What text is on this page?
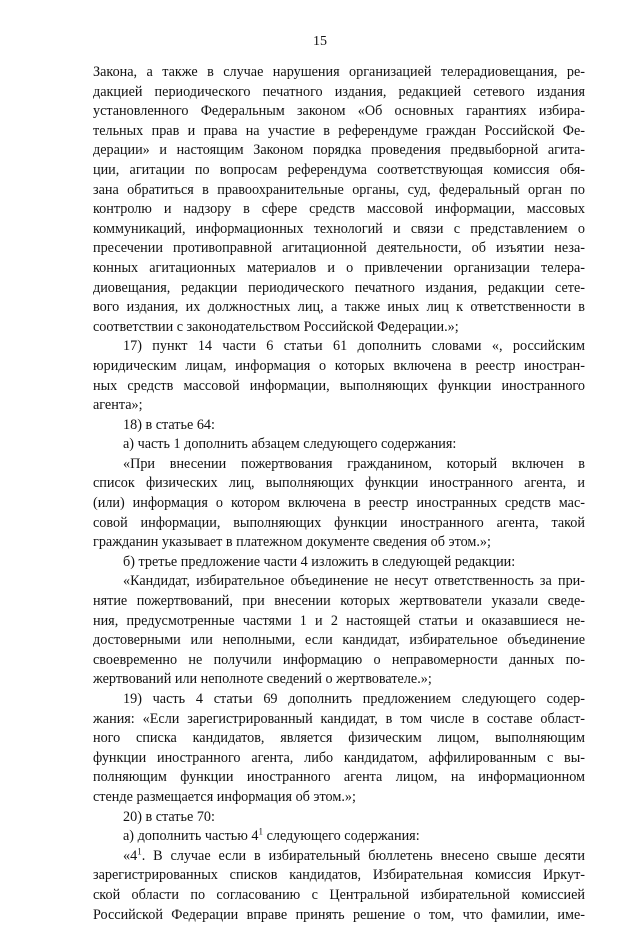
15

Закона, а также в случае нарушения организацией телерадиовещания, ре-
дакцией периодического печатного издания, редакцией сетевого издания
установленного Федеральным законом «Об основных гарантиях избира-
тельных прав и права на участие в референдуме граждан Российской Фе-
дерации» и настоящим Законом порядка проведения предвыборной агита-
ции, агитации по вопросам референдума соответствующая комиссия обя-
зана обратиться в правоохранительные органы, суд, федеральный орган по
контролю и надзору в сфере средств массовой информации, массовых
коммуникаций, информационных технологий и связи с представлением о
пресечении противоправной агитационной деятельности, об изъятии неза-
конных агитационных материалов и о привлечении организации телера-
диовещания, редакции периодического печатного издания, редакции сете-
вого издания, их должностных лиц, а также иных лиц к ответственности в
соответствии с законодательством Российской Федерации.»;

17) пункт 14 части 6 статьи 61 дополнить словами «, российским
юридическим лицам, информация о которых включена в реестр иностран-
ных средств массовой информации, выполняющих функции иностранного
агента»;

18) в статье 64:

а) часть 1 дополнить абзацем следующего содержания:

«При внесении пожертвования гражданином, который включен в
список физических лиц, выполняющих функции иностранного агента, и
(или) информация о котором включена в реестр иностранных средств мас-
совой информации, выполняющих функции иностранного агента, такой
гражданин указывает в платежном документе сведения об этом.»;

б) третье предложение части 4 изложить в следующей редакции:

«Кандидат, избирательное объединение не несут ответственность за при-
нятие пожертвований, при внесении которых жертвователи указали сведе-
ния, предусмотренные частями 1 и 2 настоящей статьи и оказавшиеся не-
достоверными или неполными, если кандидат, избирательное объединение
своевременно не получили информацию о неправомерности данных по-
жертвований или неполноте сведений о жертвователе.»;

19) часть 4 статьи 69 дополнить предложением следующего содер-
жания: «Если зарегистрированный кандидат, в том числе в составе област-
ного списка кандидатов, является физическим лицом, выполняющим
функции иностранного агента, либо кандидатом, аффилированным с вы-
полняющим функции иностранного агента лицом, на информационном
стенде размещается информация об этом.»;

20) в статье 70:

а) дополнить частью $4^1$ следующего содержания:

«$4^1$. В случае если в избирательный бюллетень внесено свыше десяти
зарегистрированных списков кандидатов, Избирательная комиссия Иркут-
ской области по согласованию с Центральной избирательной комиссией
Российской Федерации вправе принять решение о том, что фамилии, име-
